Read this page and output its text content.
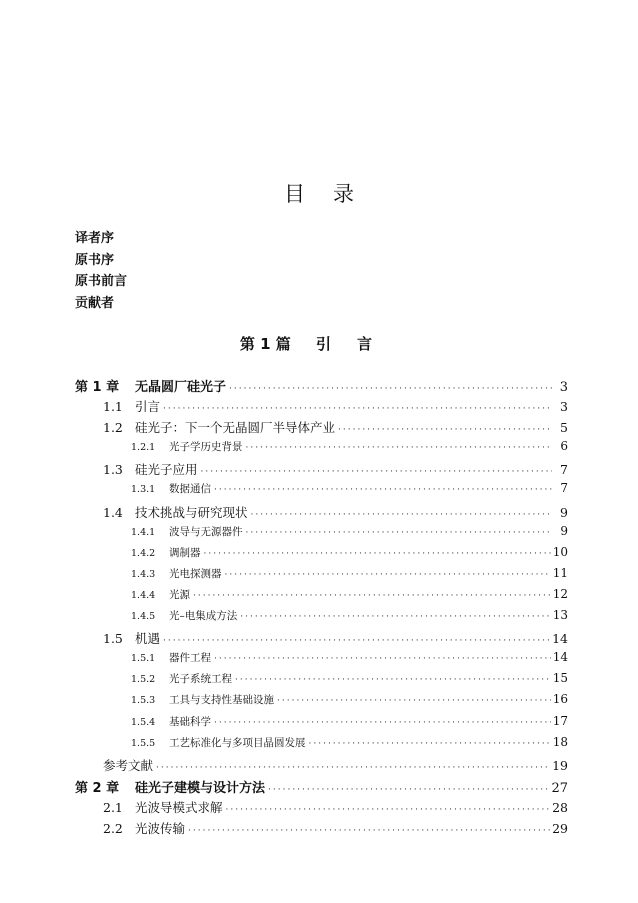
目录
译者序
原书序
原书前言
贡献者
第 1 篇 引言
第 1 章	无晶圆厂硅光子 ·····	3
1.1 引言 ·····	3
1.2 硅光子：下一个无晶圆厂半导体产业 ·····	5
1.2.1	光子学历史背景 ·····	6
1.3 硅光子应用 ·····	7
1.3.1	数据通信 ·····	7
1.4 技术挑战与研究现状 ·····	9
1.4.1	波导与无源器件 ·····	9
1.4.2	调制器 ·····	10
1.4.3	光电探测器 ·····	11
1.4.4	光源 ·····	12
1.4.5	光–电集成方法 ·····	13
1.5 机遇 ·····	14
1.5.1	器件工程 ·····	14
1.5.2	光子系统工程 ·····	15
1.5.3	工具与支持性基础设施 ·····	16
1.5.4	基础科学 ·····	17
1.5.5	工艺标准化与多项目晶圆发展 ·····	18
参考文献 ·····	19
第 2 章	硅光子建模与设计方法 ·····	27
2.1 光波导模式求解 ·····	28
2.2 光波传输 ·····	29
